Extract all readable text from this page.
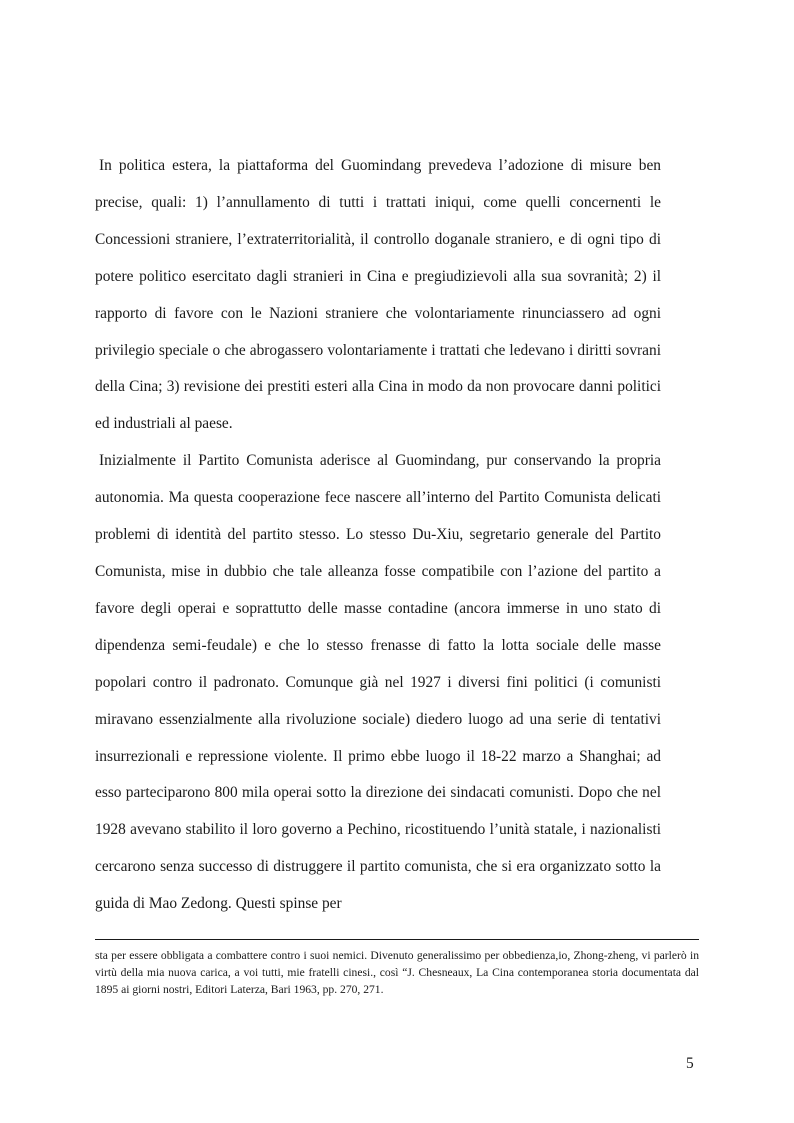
In politica estera, la piattaforma del Guomindang prevedeva l’adozione di misure ben precise, quali: 1) l’annullamento di tutti i trattati iniqui, come quelli concernenti le Concessioni straniere, l’extraterritorialità, il controllo doganale straniero, e di ogni tipo di potere politico esercitato dagli stranieri in Cina e pregiudizievoli alla sua sovranità; 2) il rapporto di favore con le Nazioni straniere che volontariamente rinunciassero ad ogni privilegio speciale o che abrogassero volontariamente i trattati che ledevano i diritti sovrani della Cina; 3) revisione dei prestiti esteri alla Cina in modo da non provocare danni politici ed industriali al paese.

Inizialmente il Partito Comunista aderisce al Guomindang, pur conservando la propria autonomia. Ma questa cooperazione fece nascere all’interno del Partito Comunista delicati problemi di identità del partito stesso. Lo stesso Du-Xiu, segretario generale del Partito Comunista, mise in dubbio che tale alleanza fosse compatibile con l’azione del partito a favore degli operai e soprattutto delle masse contadine (ancora immerse in uno stato di dipendenza semi-feudale) e che lo stesso frenasse di fatto la lotta sociale delle masse popolari contro il padronato. Comunque già nel 1927 i diversi fini politici (i comunisti miravano essenzialmente alla rivoluzione sociale) diedero luogo ad una serie di tentativi insurrezionali e repressione violente. Il primo ebbe luogo il 18-22 marzo a Shanghai; ad esso parteciparono 800 mila operai sotto la direzione dei sindacati comunisti. Dopo che nel 1928 avevano stabilito il loro governo a Pechino, ricostituendo l’unità statale, i nazionalisti cercarono senza successo di distruggere il partito comunista, che si era organizzato sotto la guida di Mao Zedong. Questi spinse per

sta per essere obbligata a combattere contro i suoi nemici. Divenuto generalissimo per obbedienza,io, Zhong-zheng, vi parlerò in virtù della mia nuova carica, a voi tutti, mie fratelli cinesi., così “J. Chesneaux, La Cina contemporanea storia documentata dal 1895 ai giorni nostri, Editori Laterza, Bari 1963, pp. 270, 271.

5
